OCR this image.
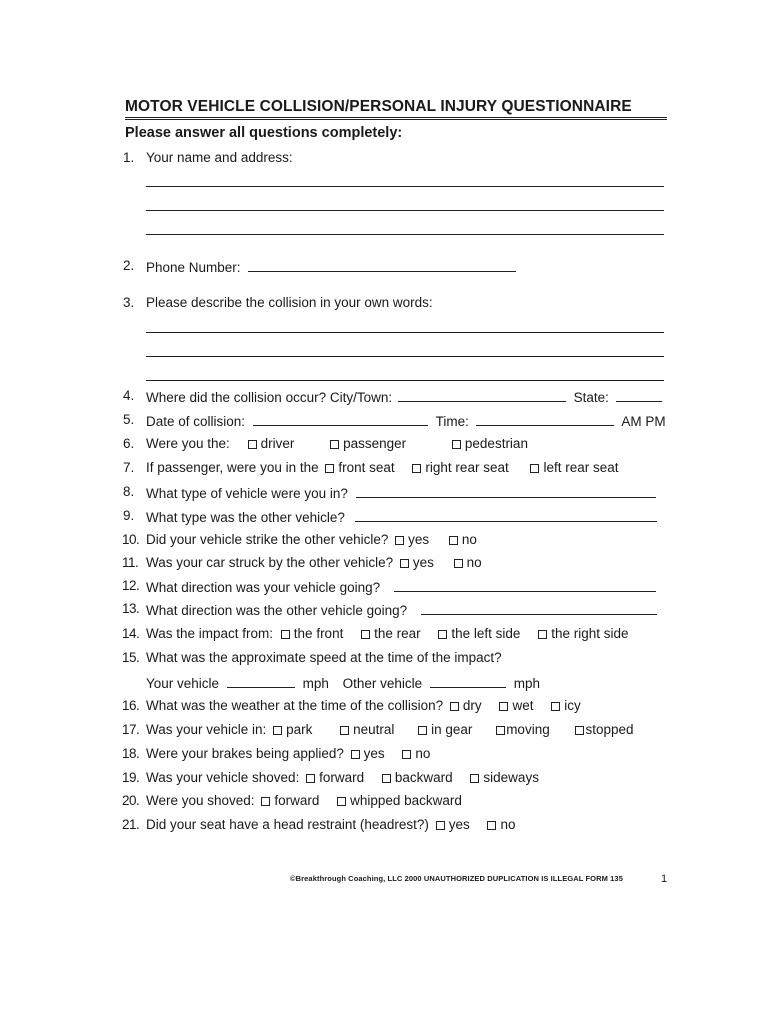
MOTOR VEHICLE COLLISION/PERSONAL INJURY QUESTIONNAIRE
Please answer all questions completely:
1. Your name and address:
2. Phone Number:
3. Please describe the collision in your own words:
4. Where did the collision occur? City/Town:	State:
5. Date of collision:	Time:	AM PM
6. Were you the: driver	passenger	pedestrian
7. If passenger, were you in the front seat right rear seat	left rear seat
8. What type of vehicle were you in?
9. What type was the other vehicle?
10. Did your vehicle strike the other vehicle? yes no
11. Was your car struck by the other vehicle? yes no
12. What direction was your vehicle going?
13. What direction was the other vehicle going?
14. Was the impact from: the front the rear the left side the right side
15. What was the approximate speed at the time of the impact?
Your vehicle	mph Other vehicle	mph
16. What was the weather at the time of the collision? dry wet icy
17. Was your vehicle in: park	neutral	in gear	moving	stopped
18. Were your brakes being applied? yes no
19. Was your vehicle shoved: forward backward sideways
20. Were you shoved: forward whipped backward
21. Did your seat have a head restraint (headrest?) yes no
©Breakthrough Coaching, LLC 2000 UNAUTHORIZED DUPLICATION IS ILLEGAL FORM 135	1
